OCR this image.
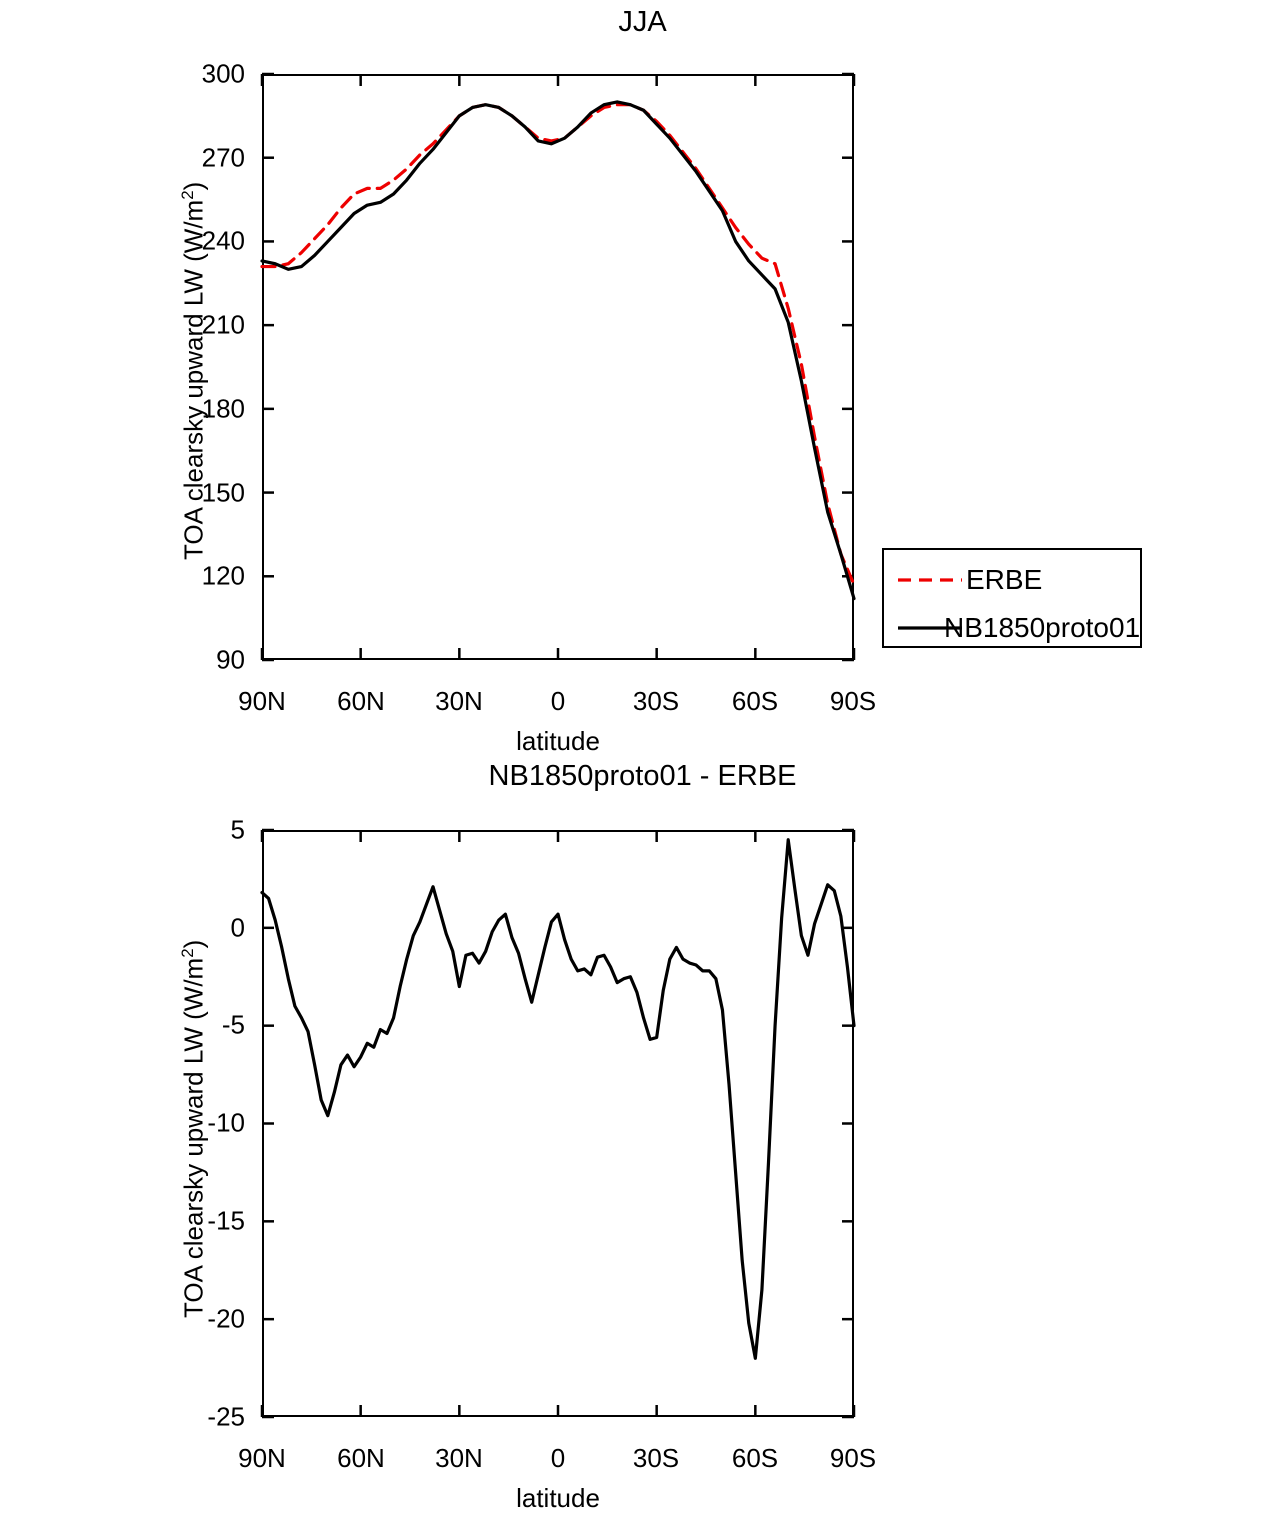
JJA
TOA clearsky upward LW $(W/m^2)$
90
120
150
180
210
240
270
300
90N	60N	30N	0	30S	60S	90S
latitude
ERBE
NB1850proto01
NB1850proto01 - ERBE
TOA clearsky upward LW $(W/m^2)$
-25
-20
-15
-10
-5
0
5
90N	60N	30N	0	30S	60S	90S
latitude
